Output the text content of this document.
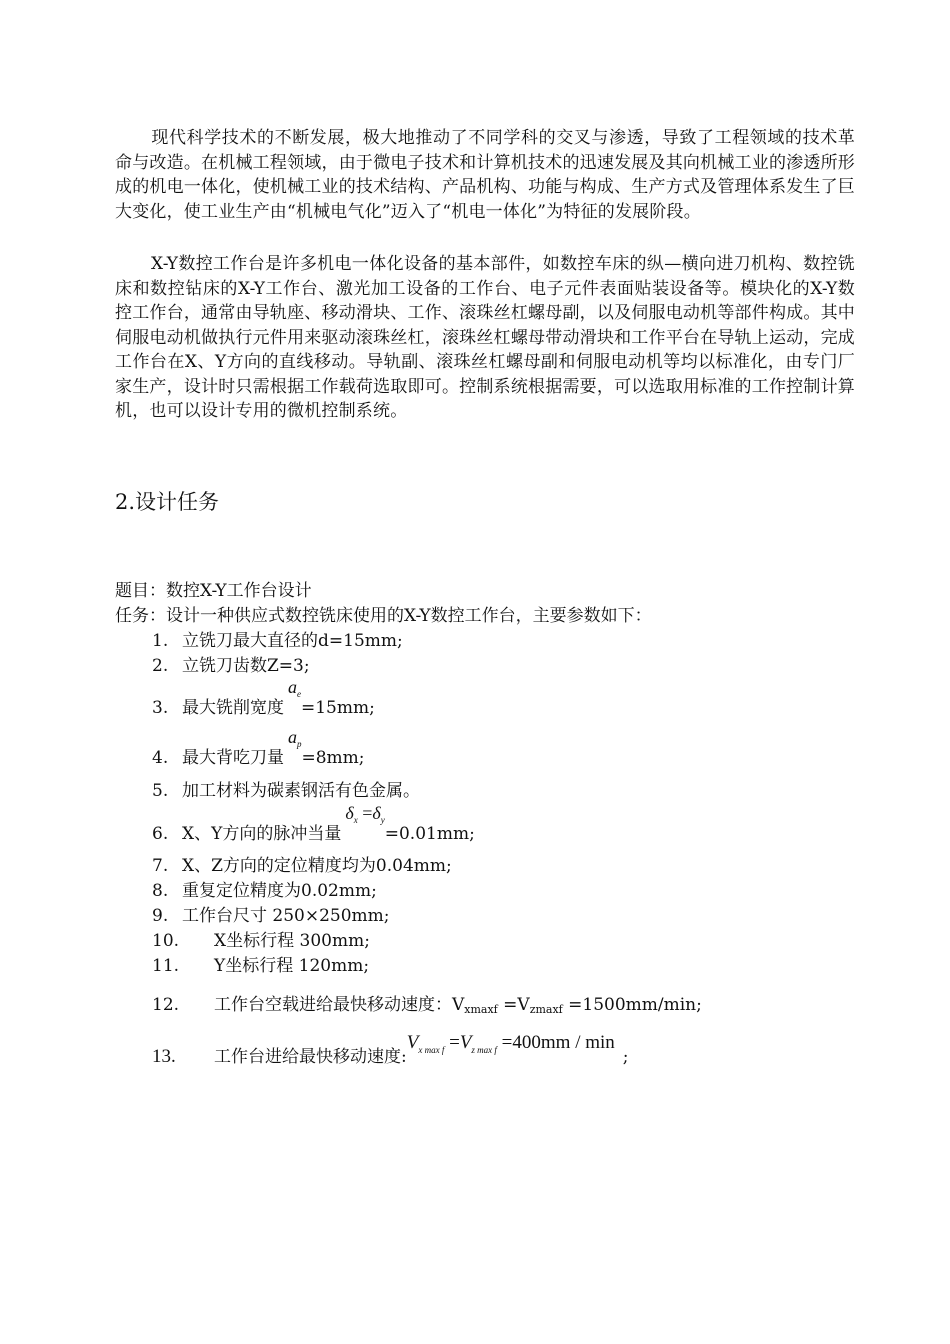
现代科学技术的不断发展，极大地推动了不同学科的交叉与渗透，导致了工程领域的技术革命与改造。在机械工程领域，由于微电子技术和计算机技术的迅速发展及其向机械工业的渗透所形成的机电一体化，使机械工业的技术结构、产品机构、功能与构成、生产方式及管理体系发生了巨大变化，使工业生产由“机械电气化”迈入了“机电一体化”为特征的发展阶段。

X-Y数控工作台是许多机电一体化设备的基本部件，如数控车床的纵—横向进刀机构、数控铣床和数控钻床的X-Y工作台、激光加工设备的工作台、电子元件表面贴装设备等。模块化的X-Y数控工作台，通常由导轨座、移动滑块、工作、滚珠丝杠螺母副，以及伺服电动机等部件构成。其中伺服电动机做执行元件用来驱动滚珠丝杠，滚珠丝杠螺母带动滑块和工作平台在导轨上运动，完成工作台在X、Y方向的直线移动。导轨副、滚珠丝杠螺母副和伺服电动机等均以标准化，由专门厂家生产，设计时只需根据工作载荷选取即可。控制系统根据需要，可以选取用标准的工作控制计算机，也可以设计专用的微机控制系统。

2.设计任务

题目：数控X-Y工作台设计

任务：设计一种供应式数控铣床使用的X-Y数控工作台，主要参数如下：

1. 立铣刀最大直径的d=15mm;

2. 立铣刀齿数Z=3;

3. 最大铣削宽度$a_e=15mm$;

4. 最大背吃刀量$a_p=8mm$;

5. 加工材料为碳素钢活有色金属。

6. X、Y方向的脉冲当量$\delta_x =\delta_y=0.01mm$;

7. X、Z方向的定位精度均为0.04mm;

8. 重复定位精度为0.02mm;

9. 工作台尺寸 250×250mm;

10. X坐标行程 300mm;

11. Y坐标行程 120mm;

12. 工作台空载进给最快移动速度：Vxmaxf =Vzmaxf =1500mm/min;

13. 工作台进给最快移动速度$:V_{x max f} =V_{z max f} =400mm / \min$;
